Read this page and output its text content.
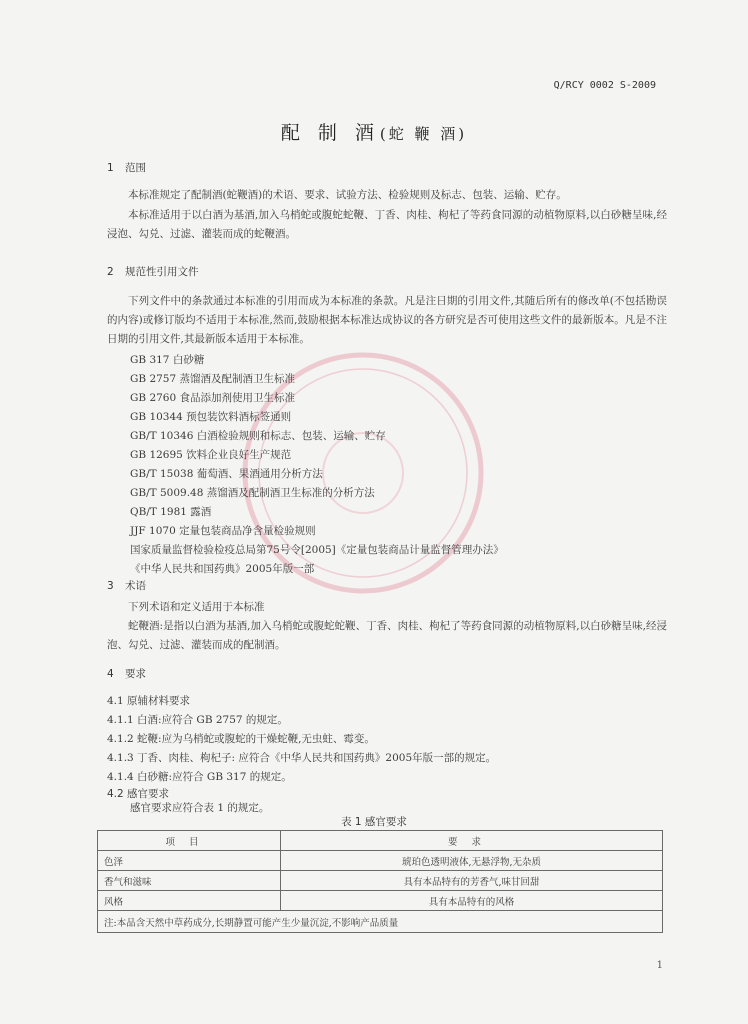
Q/RCY 0002 S-2009
配 制 酒(蛇 鞭 酒)
1 范围
本标准规定了配制酒(蛇鞭酒)的术语、要求、试验方法、检验规则及标志、包装、运输、贮存。
本标准适用于以白酒为基酒,加入乌梢蛇或腹蛇蛇鞭、丁香、肉桂、枸杞了等药食同源的动植物原料,以白砂糖呈味,经浸泡、勾兑、过滤、灌装而成的蛇鞭酒。
2 规范性引用文件
下列文件中的条款通过本标准的引用而成为本标准的条款。凡是注日期的引用文件,其随后所有的修改单(不包括勘误的内容)或修订版均不适用于本标准,然而,鼓励根据本标准达成协议的各方研究是否可使用这些文件的最新版本。凡是不注日期的引用文件,其最新版本适用于本标准。
GB 317 白砂糖
GB 2757 蒸馏酒及配制酒卫生标准
GB 2760 食品添加剂使用卫生标准
GB 10344 预包装饮料酒标签通则
GB/T 10346 白酒检验规则和标志、包装、运输、贮存
GB 12695 饮料企业良好生产规范
GB/T 15038 葡萄酒、果酒通用分析方法
GB/T 5009.48 蒸馏酒及配制酒卫生标准的分析方法
QB/T 1981 露酒
JJF 1070 定量包装商品净含量检验规则
国家质量监督检验检疫总局第75号令[2005]《定量包装商品计量监督管理办法》
《中华人民共和国药典》2005年版一部
3 术语
下列术语和定义适用于本标准
蛇鞭酒:是指以白酒为基酒,加入乌梢蛇或腹蛇蛇鞭、丁香、肉桂、枸杞了等药食同源的动植物原料,以白砂糖呈味,经浸泡、勾兑、过滤、灌装而成的配制酒。
4 要求
4.1 原辅材料要求
4.1.1 白酒:应符合 GB 2757 的规定。
4.1.2 蛇鞭:应为乌梢蛇或腹蛇的干燥蛇鞭,无虫蛀、霉变。
4.1.3 丁香、肉桂、枸杞子: 应符合《中华人民共和国药典》2005年版一部的规定。
4.1.4 白砂糖:应符合 GB 317 的规定。
4.2 感官要求
感官要求应符合表 1 的规定。
表 1 感官要求
项目	要求
色泽	琥珀色透明液体,无悬浮物,无杂质
香气和滋味	具有本品特有的芳香气,味甘回甜
风格	具有本品特有的风格
注:本品含天然中草药成分,长期静置可能产生少量沉淀,不影响产品质量	
1
